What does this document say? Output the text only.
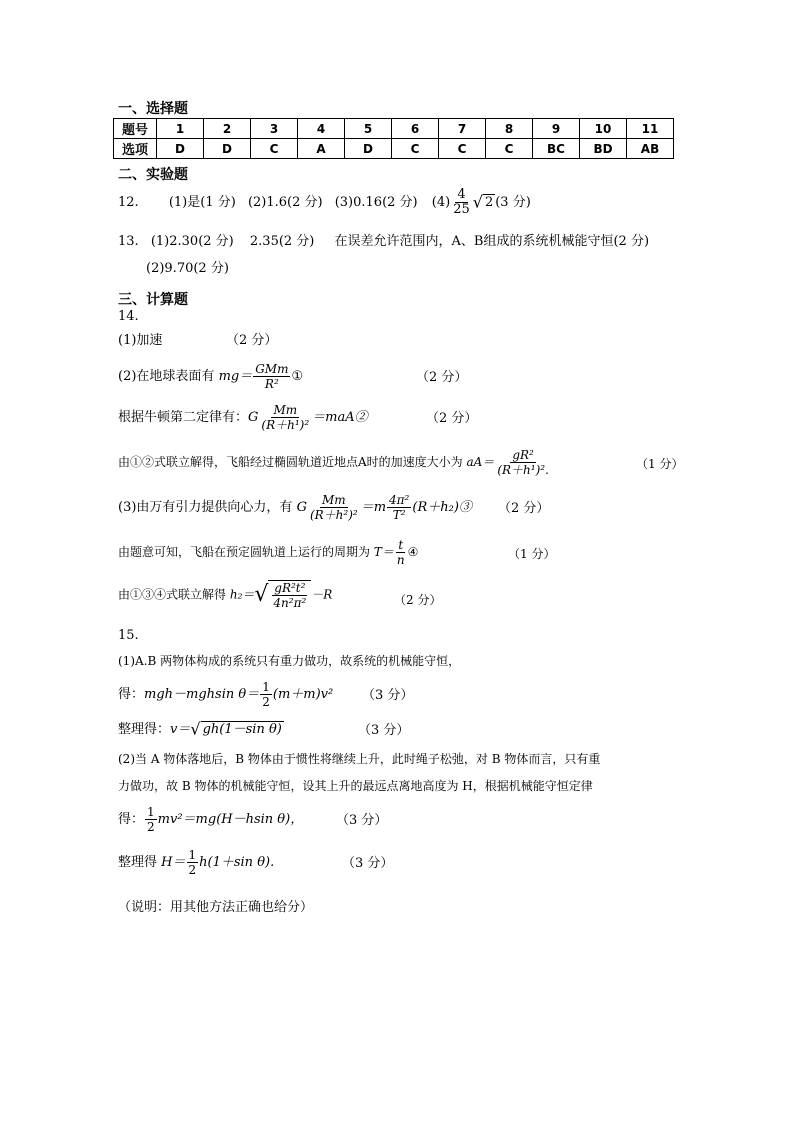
一、选择题
题号	1	2	3	4	5	6	7	8	9	10	11
选项	D	D	C	A	D	C	C	C	BC	BD	AB
二、实验题
12. (1)是(1 分) (2)1.6(2 分) (3)0.16(2 分) $(4) \frac{4}{25}$ √ 2 (3 分)
13. (1)2.30(2 分) 2.35(2 分) 在误差允许范围内，A、B组成的系统机械能守恒(2 分)
(2)9.70(2 分)
三、计算题
14.
(1)加速	（2 分）
(2)在地球表面有 $mg= \frac{\text{GMm}}{\text{R²}}$ ①	（2 分）
根据牛顿第二定律有：G $\frac{Mm}{\text{(R＋h¹)²}}$ ＝maA②	（2 分）
由①②式联立解得，飞船经过椭圆轨道近地点A时的加速度大小为 $aA= \frac{\text{gR²}}{\text{(R＋h¹)².}}$	（1 分）
(3)由万有引力提供向心力，有 G $\frac{Mm}{\text{(R＋h²)²}} =m \frac{\text{4π²}}{\text{T²}}$ (R＋h₂)③ （2 分）
由题意可知，飞船在预定圆轨道上运行的周期为 $T= \frac{t}{n}$ ④	（1 分）
由①③④式联立解得 $h_2=√ \frac{\text{gR²t²}}{\text{4n²π²}} -R$	（2 分）
15.
(1)A.B 两物体构成的系统只有重力做功，故系统的机械能守恒，
得：mgh－mghsin $\theta= \frac{1}{2} (m+m)v^2$ （3 分）
整理得：v＝√ gh(1－sin θ)	（3 分）
(2)当 A 物体落地后，B 物体由于惯性将继续上升，此时绳子松弛，对 B 物体而言，只有重
力做功，故 B 物体的机械能守恒，设其上升的最远点离地高度为 H，根据机械能守恒定律
得： $\frac{1}{2} mv^2=mg(H-hsin$ θ)，	（3 分）
整理得 $H= \frac{1}{2} h(1+\sin$ θ).	（3 分）
（说明：用其他方法正确也给分）
